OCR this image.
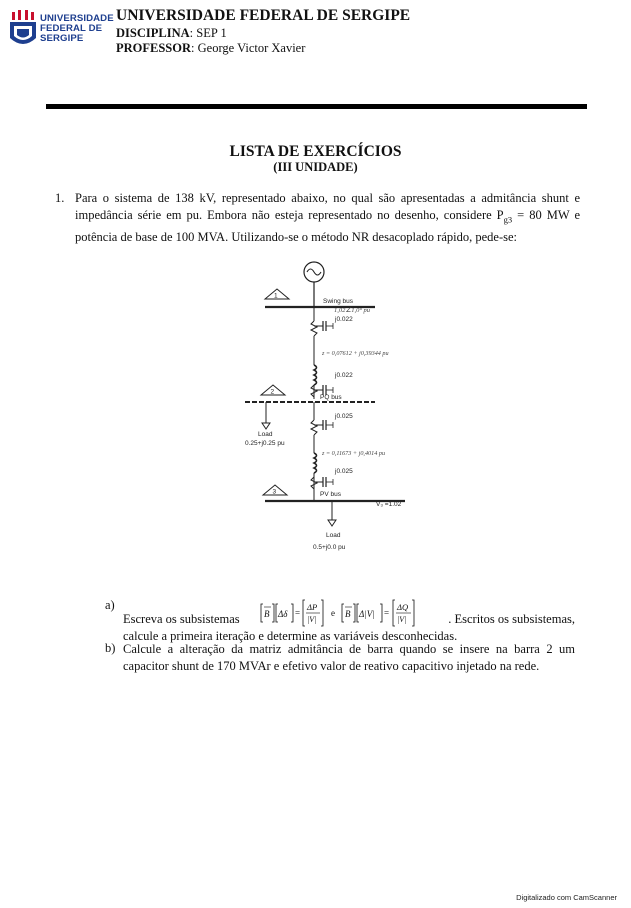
UNIVERSIDADE
FEDERAL DE
SERGIPE
UNIVERSIDADE FEDERAL DE SERGIPE
DISCIPLINA: SEP 1
PROFESSOR: George Victor Xavier
LISTA DE EXERCÍCIOS
(III UNIDADE)
1. Para o sistema de 138 kV, representado abaixo, no qual são apresentadas a admitância shunt e impedância série em pu. Embora não esteja representado no desenho, considere $P_{g3} = 80$ MW e potência de base de 100 MVA. Utilizando-se o método NR desacoplado rápido, pede-se:
1
Swing bus
1,02∠1,0° pu
j0.022
z = 0,07612 + j0,39344 pu
j0.022
2
PQ bus
Load
0.25+j0.25 pu
j0.025
z = 0,11673 + j0,4014 pu
j0.025
3	PV bus
V₃ =1.02
Load
0.5+j0.0 pu
a)
Escreva os subsistemas	B Δδ =
ΔP
|V|
e B Δ|V| =
ΔQ
|V|	. Escritos os subsistemas,
calcule a primeira iteração e determine as variáveis desconhecidas.
b) Calcule a alteração da matriz admitância de barra quando se insere na barra 2 um capacitor shunt de 170 MVAr e efetivo valor de reativo capacitivo injetado na rede.
Digitalizado com CamScanner
